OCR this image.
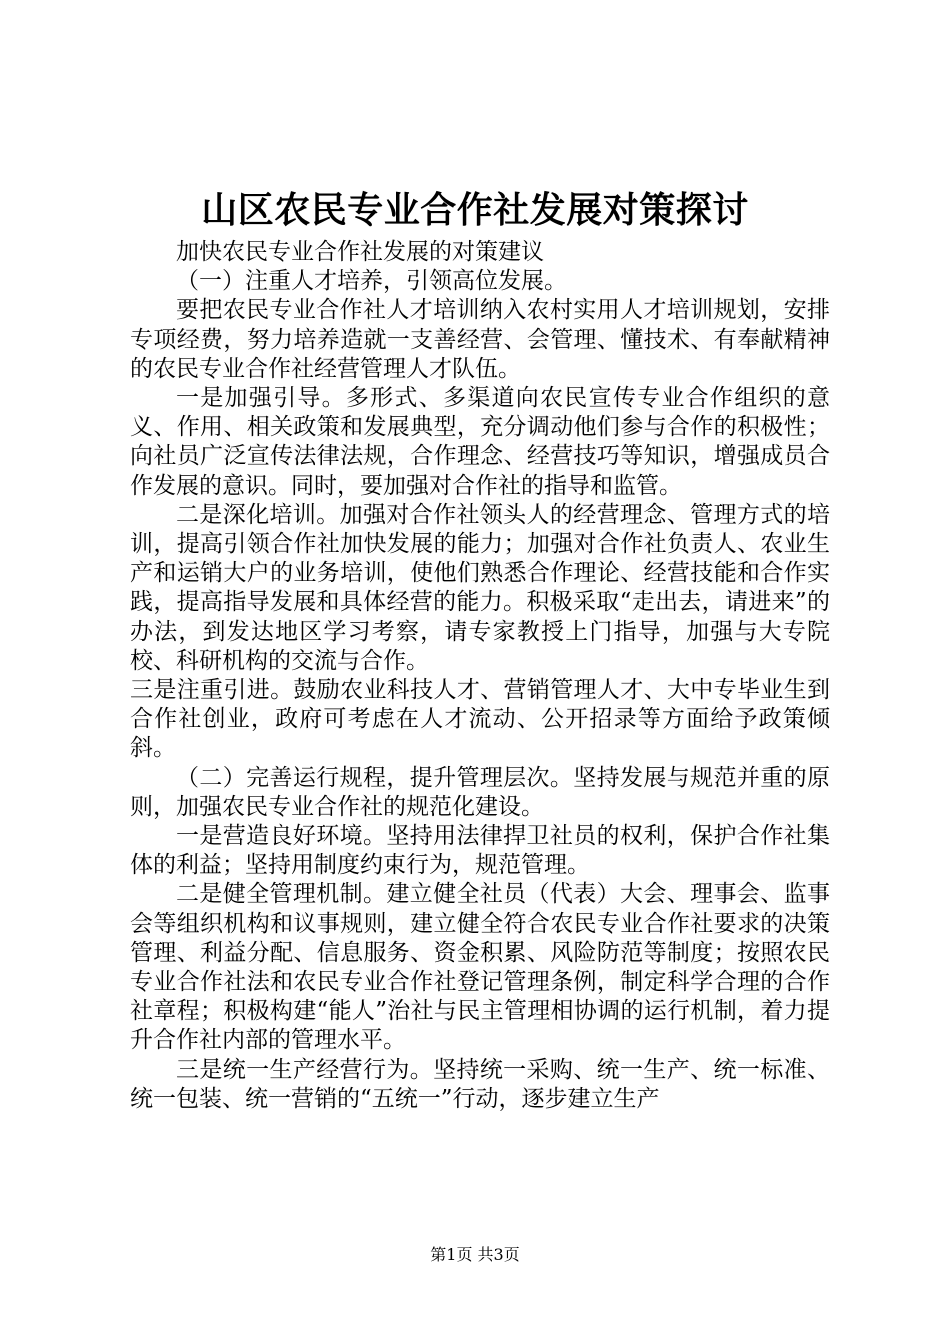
山区农民专业合作社发展对策探讨

加快农民专业合作社发展的对策建议

（一）注重人才培养，引领高位发展。

要把农民专业合作社人才培训纳入农村实用人才培训规划，安排专项经费，努力培养造就一支善经营、会管理、懂技术、有奉献精神的农民专业合作社经营管理人才队伍。

一是加强引导。多形式、多渠道向农民宣传专业合作组织的意义、作用、相关政策和发展典型，充分调动他们参与合作的积极性；向社员广泛宣传法律法规，合作理念、经营技巧等知识，增强成员合作发展的意识。同时，要加强对合作社的指导和监管。

二是深化培训。加强对合作社领头人的经营理念、管理方式的培训，提高引领合作社加快发展的能力；加强对合作社负责人、农业生产和运销大户的业务培训，使他们熟悉合作理论、经营技能和合作实践，提高指导发展和具体经营的能力。积极采取“走出去，请进来”的办法，到发达地区学习考察，请专家教授上门指导，加强与大专院校、科研机构的交流与合作。

三是注重引进。鼓励农业科技人才、营销管理人才、大中专毕业生到合作社创业，政府可考虑在人才流动、公开招录等方面给予政策倾斜。

（二）完善运行规程，提升管理层次。坚持发展与规范并重的原则，加强农民专业合作社的规范化建设。

一是营造良好环境。坚持用法律捍卫社员的权利，保护合作社集体的利益；坚持用制度约束行为，规范管理。

二是健全管理机制。建立健全社员（代表）大会、理事会、监事会等组织机构和议事规则，建立健全符合农民专业合作社要求的决策管理、利益分配、信息服务、资金积累、风险防范等制度；按照农民专业合作社法和农民专业合作社登记管理条例，制定科学合理的合作社章程；积极构建“能人”治社与民主管理相协调的运行机制，着力提升合作社内部的管理水平。

三是统一生产经营行为。坚持统一采购、统一生产、统一标准、统一包装、统一营销的“五统一”行动，逐步建立生产

第1页 共3页
